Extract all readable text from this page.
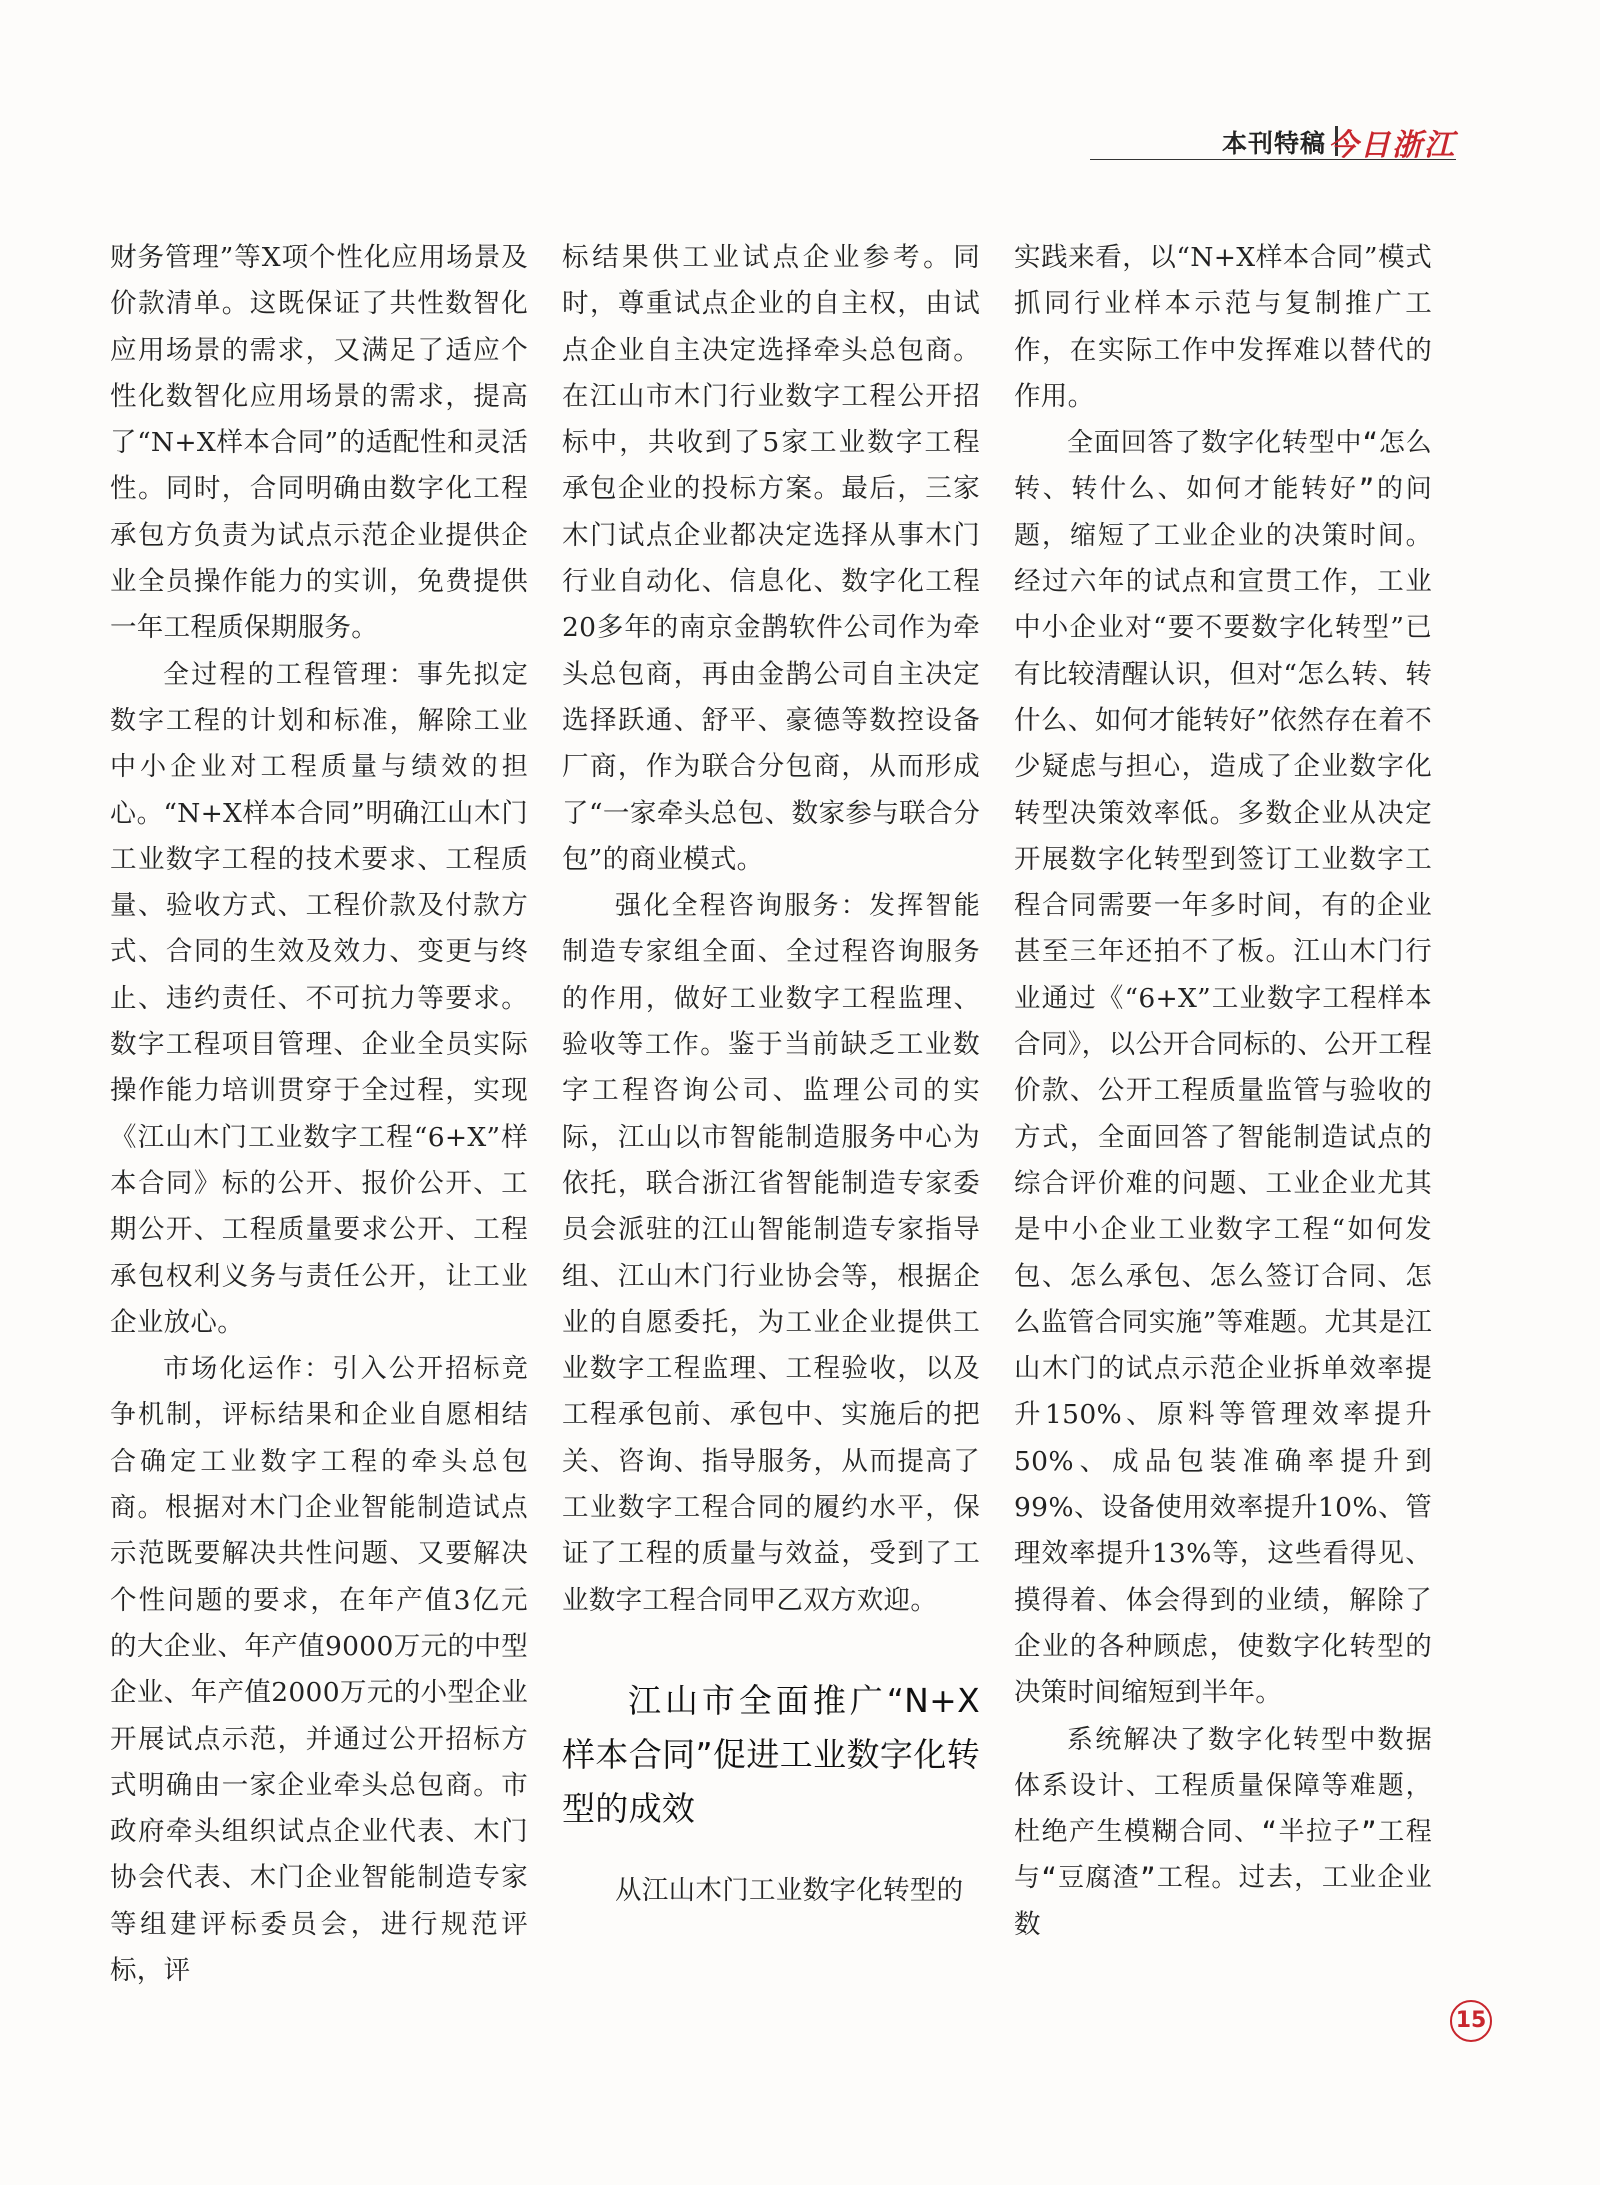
本刊特稿 今日浙江

财务管理”等X项个性化应用场景及价款清单。这既保证了共性数智化应用场景的需求，又满足了适应个性化数智化应用场景的需求，提高了“N+X样本合同”的适配性和灵活性。同时，合同明确由数字化工程承包方负责为试点示范企业提供企业全员操作能力的实训，免费提供一年工程质保期服务。

全过程的工程管理：事先拟定数字工程的计划和标准，解除工业中小企业对工程质量与绩效的担心。“N+X样本合同”明确江山木门工业数字工程的技术要求、工程质量、验收方式、工程价款及付款方式、合同的生效及效力、变更与终止、违约责任、不可抗力等要求。数字工程项目管理、企业全员实际操作能力培训贯穿于全过程，实现《江山木门工业数字工程“6+X”样本合同》标的公开、报价公开、工期公开、工程质量要求公开、工程承包权利义务与责任公开，让工业企业放心。

市场化运作：引入公开招标竞争机制，评标结果和企业自愿相结合确定工业数字工程的牵头总包商。根据对木门企业智能制造试点示范既要解决共性问题、又要解决个性问题的要求，在年产值3亿元的大企业、年产值9000万元的中型企业、年产值2000万元的小型企业开展试点示范，并通过公开招标方式明确由一家企业牵头总包商。市政府牵头组织试点企业代表、木门协会代表、木门企业智能制造专家等组建评标委员会，进行规范评标，评

标结果供工业试点企业参考。同时，尊重试点企业的自主权，由试点企业自主决定选择牵头总包商。在江山市木门行业数字工程公开招标中，共收到了5家工业数字工程承包企业的投标方案。最后，三家木门试点企业都决定选择从事木门行业自动化、信息化、数字化工程20多年的南京金鹊软件公司作为牵头总包商，再由金鹊公司自主决定选择跃通、舒平、豪德等数控设备厂商，作为联合分包商，从而形成了“一家牵头总包、数家参与联合分包”的商业模式。

强化全程咨询服务：发挥智能制造专家组全面、全过程咨询服务的作用，做好工业数字工程监理、验收等工作。鉴于当前缺乏工业数字工程咨询公司、监理公司的实际，江山以市智能制造服务中心为依托，联合浙江省智能制造专家委员会派驻的江山智能制造专家指导组、江山木门行业协会等，根据企业的自愿委托，为工业企业提供工业数字工程监理、工程验收，以及工程承包前、承包中、实施后的把关、咨询、指导服务，从而提高了工业数字工程合同的履约水平，保证了工程的质量与效益，受到了工业数字工程合同甲乙双方欢迎。

江山市全面推广“N+X样本合同”促进工业数字化转型的成效

从江山木门工业数字化转型的

实践来看，以“N+X样本合同”模式抓同行业样本示范与复制推广工作，在实际工作中发挥难以替代的作用。

全面回答了数字化转型中“怎么转、转什么、如何才能转好”的问题，缩短了工业企业的决策时间。经过六年的试点和宣贯工作，工业中小企业对“要不要数字化转型”已有比较清醒认识，但对“怎么转、转什么、如何才能转好”依然存在着不少疑虑与担心，造成了企业数字化转型决策效率低。多数企业从决定开展数字化转型到签订工业数字工程合同需要一年多时间，有的企业甚至三年还拍不了板。江山木门行业通过《“6+X”工业数字工程样本合同》，以公开合同标的、公开工程价款、公开工程质量监管与验收的方式，全面回答了智能制造试点的综合评价难的问题、工业企业尤其是中小企业工业数字工程“如何发包、怎么承包、怎么签订合同、怎么监管合同实施”等难题。尤其是江山木门的试点示范企业拆单效率提升150%、原料等管理效率提升50%、成品包装准确率提升到99%、设备使用效率提升10%、管理效率提升13%等，这些看得见、摸得着、体会得到的业绩，解除了企业的各种顾虑，使数字化转型的决策时间缩短到半年。

系统解决了数字化转型中数据体系设计、工程质量保障等难题，杜绝产生模糊合同、“半拉子”工程与“豆腐渣”工程。过去，工业企业数

15
